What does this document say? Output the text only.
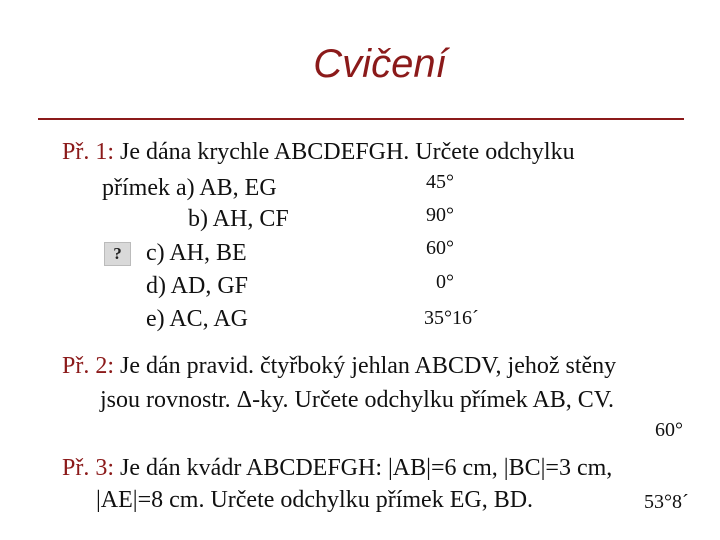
Cvičení
Př. 1: Je dána krychle ABCDEFGH. Určete odchylku
přímek a) AB, EG	45°
b) AH, CF	90°
?	c) AH, BE	60°
d) AD, GF	0°
e) AC, AG	35°16´
Př. 2: Je dán pravid. čtyřboký jehlan ABCDV, jehož stěny
jsou rovnostr. Δ-ky. Určete odchylku přímek AB, CV.
60°
Př. 3: Je dán kvádr ABCDEFGH: |AB|=6 cm, |BC|=3 cm,
|AE|=8 cm. Určete odchylku přímek EG, BD.	53°8´
